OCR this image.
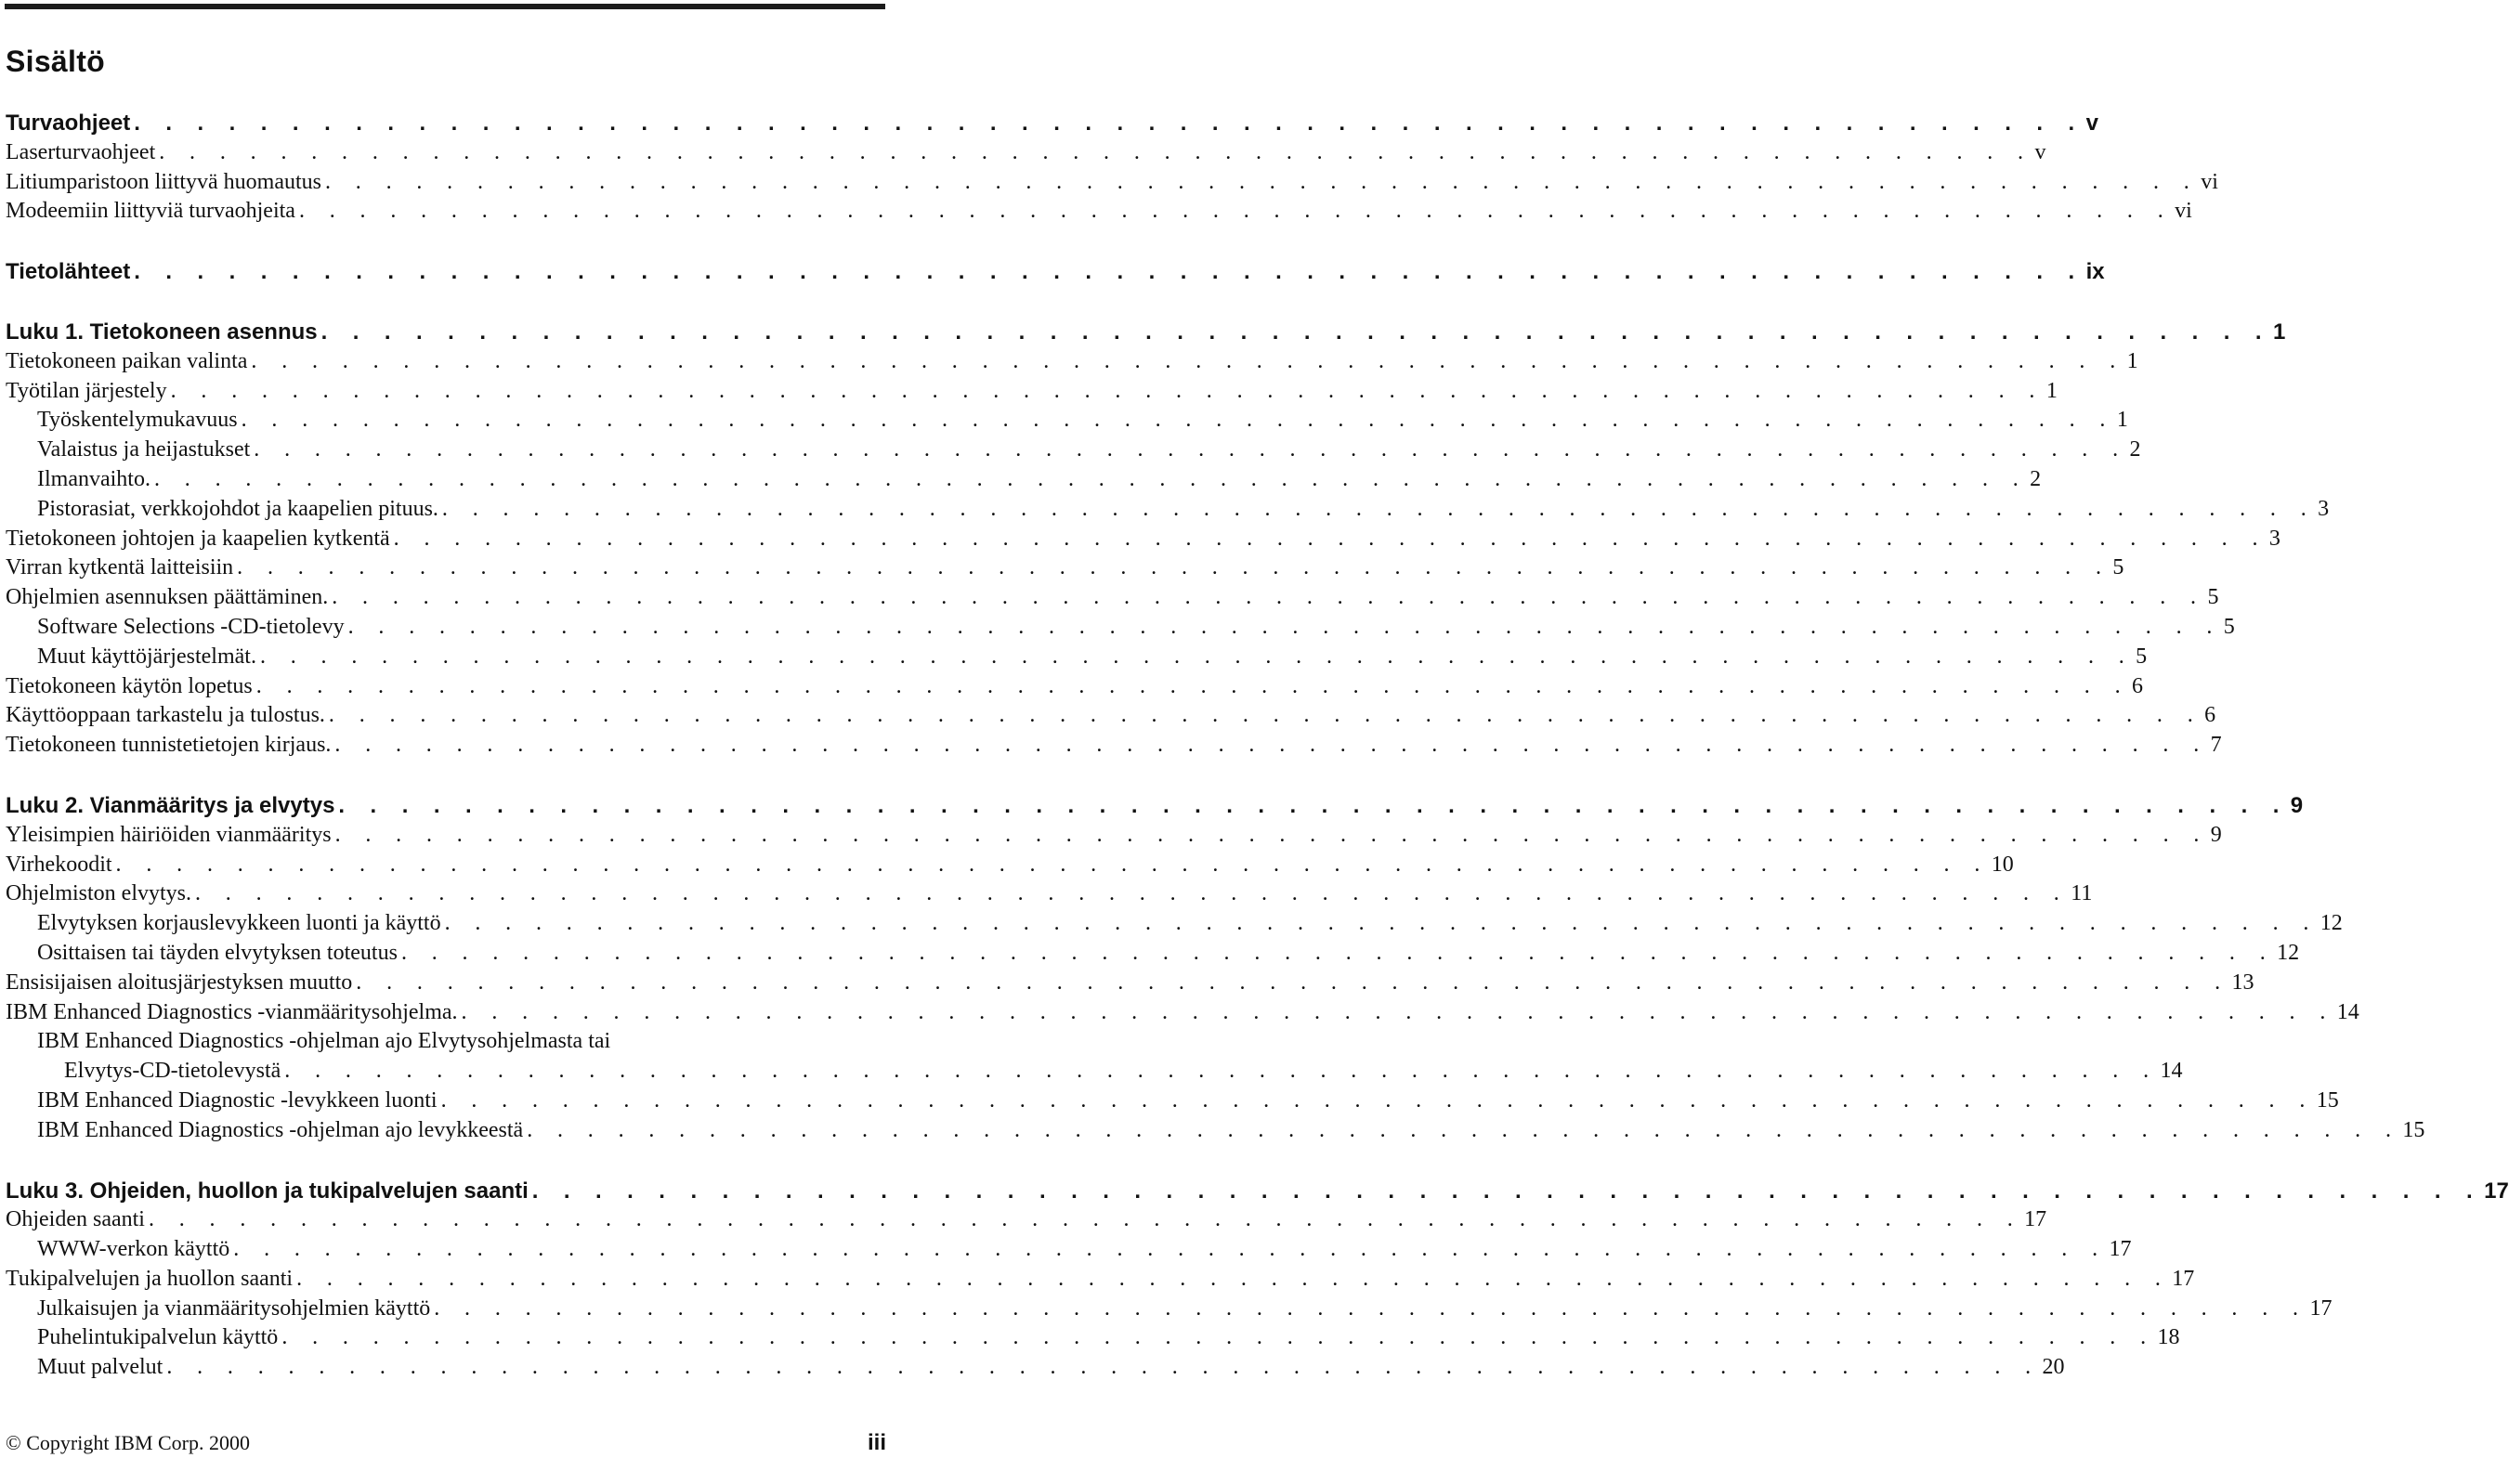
Sisältö
Turvaohjeet . . . . . . . . . . . . . . . . . . . . . . . . . . . . . . . . . . . . . . . . . . . . . . . . . . . . . . . . . . . . . . v
Laserturvaohjeet . . . . . . . . . . . . . . . . . . . . . . . . . . . . . . . . . . . . . . . . . . . . . . . . . . . . . . . . . . . . . . v
Litiumparistoon liittyvä huomautus . . . . . . . . . . . . . . . . . . . . . . . . . . . . . . . . . . . . . . . . . . . . . . . . . . . . . . . . . . . . . . vi
Modeemiin liittyviä turvaohjeita . . . . . . . . . . . . . . . . . . . . . . . . . . . . . . . . . . . . . . . . . . . . . . . . . . . . . . . . . . . . . . vi
Tietolähteet . . . . . . . . . . . . . . . . . . . . . . . . . . . . . . . . . . . . . . . . . . . . . . . . . . . . . . . . . . . . . . ix
Luku 1. Tietokoneen asennus . . . . . . . . . . . . . . . . . . . . . . . . . . . . . . . . . . . . . . . . . . . . . . . . . . . . . . . . . . . . . . 1
Tietokoneen paikan valinta . . . . . . . . . . . . . . . . . . . . . . . . . . . . . . . . . . . . . . . . . . . . . . . . . . . . . . . . . . . . . . 1
Työtilan järjestely . . . . . . . . . . . . . . . . . . . . . . . . . . . . . . . . . . . . . . . . . . . . . . . . . . . . . . . . . . . . . . 1
Työskentelymukavuus . . . . . . . . . . . . . . . . . . . . . . . . . . . . . . . . . . . . . . . . . . . . . . . . . . . . . . . . . . . . . . 1
Valaistus ja heijastukset . . . . . . . . . . . . . . . . . . . . . . . . . . . . . . . . . . . . . . . . . . . . . . . . . . . . . . . . . . . . . . 2
Ilmanvaihto. . . . . . . . . . . . . . . . . . . . . . . . . . . . . . . . . . . . . . . . . . . . . . . . . . . . . . . . . . . . . . . 2
Pistorasiat, verkkojohdot ja kaapelien pituus. . . . . . . . . . . . . . . . . . . . . . . . . . . . . . . . . . . . . . . . . . . . . . . . . . . . . . . . . . . . . . . 3
Tietokoneen johtojen ja kaapelien kytkentä . . . . . . . . . . . . . . . . . . . . . . . . . . . . . . . . . . . . . . . . . . . . . . . . . . . . . . . . . . . . . . 3
Virran kytkentä laitteisiin . . . . . . . . . . . . . . . . . . . . . . . . . . . . . . . . . . . . . . . . . . . . . . . . . . . . . . . . . . . . . . 5
Ohjelmien asennuksen päättäminen. . . . . . . . . . . . . . . . . . . . . . . . . . . . . . . . . . . . . . . . . . . . . . . . . . . . . . . . . . . . . . . 5
Software Selections -CD-tietolevy . . . . . . . . . . . . . . . . . . . . . . . . . . . . . . . . . . . . . . . . . . . . . . . . . . . . . . . . . . . . . . 5
Muut käyttöjärjestelmät. . . . . . . . . . . . . . . . . . . . . . . . . . . . . . . . . . . . . . . . . . . . . . . . . . . . . . . . . . . . . . . 5
Tietokoneen käytön lopetus . . . . . . . . . . . . . . . . . . . . . . . . . . . . . . . . . . . . . . . . . . . . . . . . . . . . . . . . . . . . . . 6
Käyttöoppaan tarkastelu ja tulostus. . . . . . . . . . . . . . . . . . . . . . . . . . . . . . . . . . . . . . . . . . . . . . . . . . . . . . . . . . . . . . . 6
Tietokoneen tunnistetietojen kirjaus. . . . . . . . . . . . . . . . . . . . . . . . . . . . . . . . . . . . . . . . . . . . . . . . . . . . . . . . . . . . . . . 7
Luku 2. Vianmääritys ja elvytys . . . . . . . . . . . . . . . . . . . . . . . . . . . . . . . . . . . . . . . . . . . . . . . . . . . . . . . . . . . . . . 9
Yleisimpien häiriöiden vianmääritys . . . . . . . . . . . . . . . . . . . . . . . . . . . . . . . . . . . . . . . . . . . . . . . . . . . . . . . . . . . . . . 9
Virhekoodit . . . . . . . . . . . . . . . . . . . . . . . . . . . . . . . . . . . . . . . . . . . . . . . . . . . . . . . . . . . . . . 10
Ohjelmiston elvytys. . . . . . . . . . . . . . . . . . . . . . . . . . . . . . . . . . . . . . . . . . . . . . . . . . . . . . . . . . . . . . . 11
Elvytyksen korjauslevykkeen luonti ja käyttö . . . . . . . . . . . . . . . . . . . . . . . . . . . . . . . . . . . . . . . . . . . . . . . . . . . . . . . . . . . . . . 12
Osittaisen tai täyden elvytyksen toteutus . . . . . . . . . . . . . . . . . . . . . . . . . . . . . . . . . . . . . . . . . . . . . . . . . . . . . . . . . . . . . . 12
Ensisijaisen aloitusjärjestyksen muutto . . . . . . . . . . . . . . . . . . . . . . . . . . . . . . . . . . . . . . . . . . . . . . . . . . . . . . . . . . . . . . 13
IBM Enhanced Diagnostics -vianmääritysohjelma. . . . . . . . . . . . . . . . . . . . . . . . . . . . . . . . . . . . . . . . . . . . . . . . . . . . . . . . . . . . . . . 14
IBM Enhanced Diagnostics -ohjelman ajo Elvytysohjelmasta tai
Elvytys-CD-tietolevystä . . . . . . . . . . . . . . . . . . . . . . . . . . . . . . . . . . . . . . . . . . . . . . . . . . . . . . . . . . . . . . 14
IBM Enhanced Diagnostic -levykkeen luonti . . . . . . . . . . . . . . . . . . . . . . . . . . . . . . . . . . . . . . . . . . . . . . . . . . . . . . . . . . . . . . 15
IBM Enhanced Diagnostics -ohjelman ajo levykkeestä . . . . . . . . . . . . . . . . . . . . . . . . . . . . . . . . . . . . . . . . . . . . . . . . . . . . . . . . . . . . . . 15
Luku 3. Ohjeiden, huollon ja tukipalvelujen saanti . . . . . . . . . . . . . . . . . . . . . . . . . . . . . . . . . . . . . . . . . . . . . . . . . . . . . . . . . . . . . . 17
Ohjeiden saanti . . . . . . . . . . . . . . . . . . . . . . . . . . . . . . . . . . . . . . . . . . . . . . . . . . . . . . . . . . . . . . 17
WWW-verkon käyttö . . . . . . . . . . . . . . . . . . . . . . . . . . . . . . . . . . . . . . . . . . . . . . . . . . . . . . . . . . . . . . 17
Tukipalvelujen ja huollon saanti . . . . . . . . . . . . . . . . . . . . . . . . . . . . . . . . . . . . . . . . . . . . . . . . . . . . . . . . . . . . . . 17
Julkaisujen ja vianmääritysohjelmien käyttö . . . . . . . . . . . . . . . . . . . . . . . . . . . . . . . . . . . . . . . . . . . . . . . . . . . . . . . . . . . . . . 17
Puhelintukipalvelun käyttö . . . . . . . . . . . . . . . . . . . . . . . . . . . . . . . . . . . . . . . . . . . . . . . . . . . . . . . . . . . . . . 18
Muut palvelut . . . . . . . . . . . . . . . . . . . . . . . . . . . . . . . . . . . . . . . . . . . . . . . . . . . . . . . . . . . . . . 20
© Copyright IBM Corp. 2000	iii
